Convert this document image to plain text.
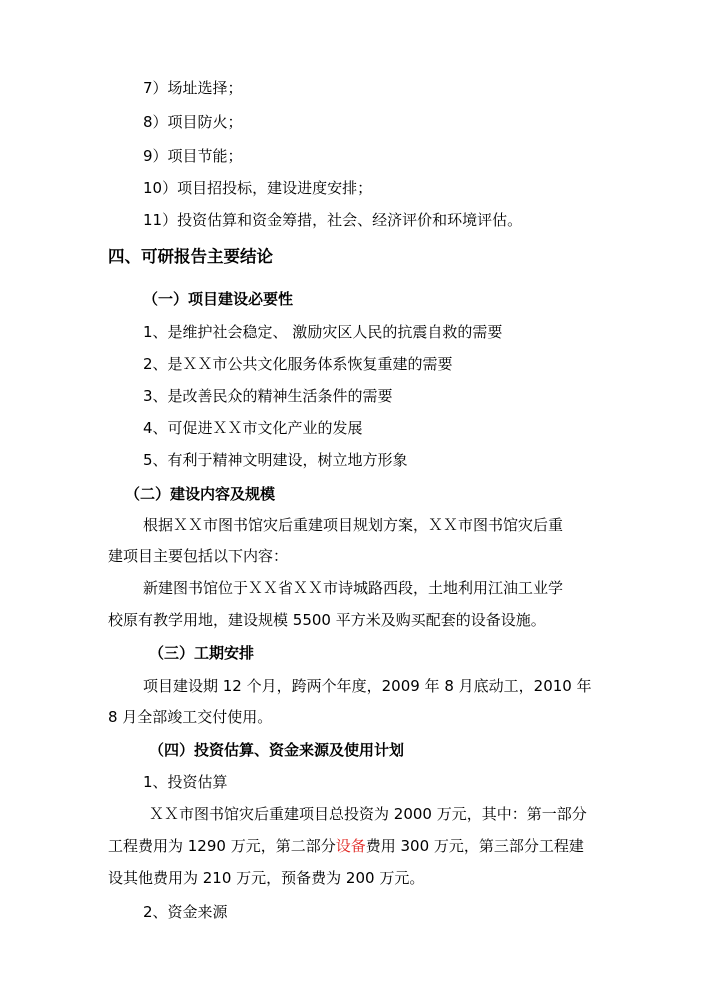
7）场址选择；
8）项目防火；
9）项目节能；
10）项目招投标，建设进度安排；
11）投资估算和资金筹措，社会、经济评价和环境评估。
四、可研报告主要结论
（一）项目建设必要性
1、是维护社会稳定、 激励灾区人民的抗震自救的需要
2、是ＸＸ市公共文化服务体系恢复重建的需要
3、是改善民众的精神生活条件的需要
4、可促进ＸＸ市文化产业的发展
5、有利于精神文明建设，树立地方形象
（二）建设内容及规模
根据ＸＸ市图书馆灾后重建项目规划方案，ＸＸ市图书馆灾后重
建项目主要包括以下内容：
新建图书馆位于ＸＸ省ＸＸ市诗城路西段，土地利用江油工业学
校原有教学用地，建设规模 5500 平方米及购买配套的设备设施。
（三）工期安排
项目建设期 12 个月，跨两个年度，2009 年 8 月底动工，2010 年
8 月全部竣工交付使用。
（四）投资估算、资金来源及使用计划
1、投资估算
ＸＸ市图书馆灾后重建项目总投资为 2000 万元，其中：第一部分
工程费用为 1290 万元，第二部分设备费用 300 万元，第三部分工程建
设其他费用为 210 万元，预备费为 200 万元。
2、资金来源
